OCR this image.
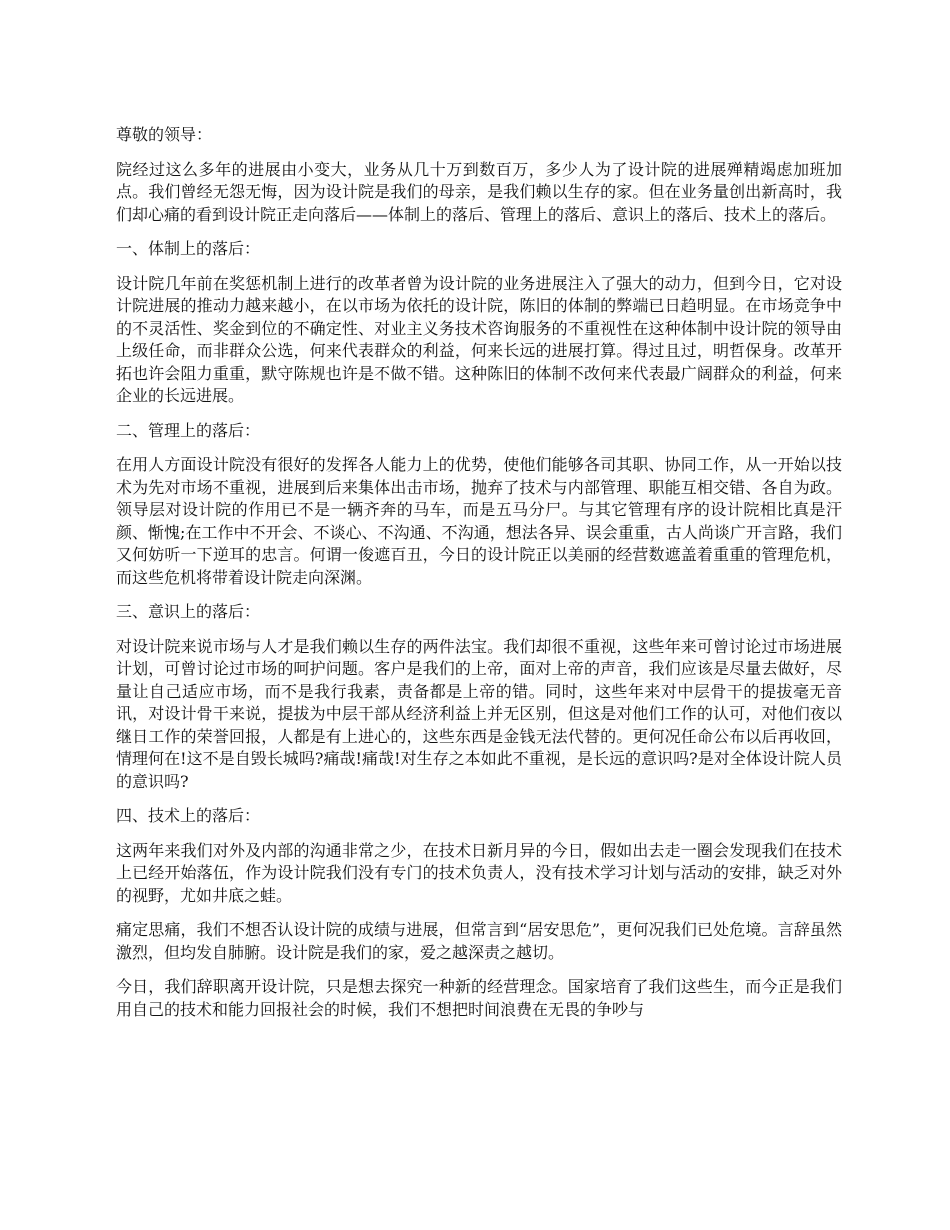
尊敬的领导：

院经过这么多年的进展由小变大，业务从几十万到数百万，多少人为了设计院的进展殚精竭虑加班加点。我们曾经无怨无悔，因为设计院是我们的母亲，是我们赖以生存的家。但在业务量创出新高时，我们却心痛的看到设计院正走向落后——体制上的落后、管理上的落后、意识上的落后、技术上的落后。

一、体制上的落后：

设计院几年前在奖惩机制上进行的改革者曾为设计院的业务进展注入了强大的动力，但到今日，它对设计院进展的推动力越来越小，在以市场为依托的设计院，陈旧的体制的弊端已日趋明显。在市场竞争中的不灵活性、奖金到位的不确定性、对业主义务技术咨询服务的不重视性在这种体制中设计院的领导由上级任命，而非群众公选，何来代表群众的利益，何来长远的进展打算。得过且过，明哲保身。改革开拓也许会阻力重重，默守陈规也许是不做不错。这种陈旧的体制不改何来代表最广阔群众的利益，何来企业的长远进展。

二、管理上的落后：

在用人方面设计院没有很好的发挥各人能力上的优势，使他们能够各司其职、协同工作，从一开始以技术为先对市场不重视，进展到后来集体出击市场，抛弃了技术与内部管理、职能互相交错、各自为政。领导层对设计院的作用已不是一辆齐奔的马车，而是五马分尸。与其它管理有序的设计院相比真是汗颜、惭愧;在工作中不开会、不谈心、不沟通、不沟通，想法各异、误会重重，古人尚谈广开言路，我们又何妨听一下逆耳的忠言。何谓一俊遮百丑，今日的设计院正以美丽的经营数遮盖着重重的管理危机，而这些危机将带着设计院走向深渊。

三、意识上的落后：

对设计院来说市场与人才是我们赖以生存的两件法宝。我们却很不重视，这些年来可曾讨论过市场进展计划，可曾讨论过市场的呵护问题。客户是我们的上帝，面对上帝的声音，我们应该是尽量去做好，尽量让自己适应市场，而不是我行我素，责备都是上帝的错。同时，这些年来对中层骨干的提拔毫无音讯，对设计骨干来说，提拔为中层干部从经济利益上并无区别，但这是对他们工作的认可，对他们夜以继日工作的荣誉回报，人都是有上进心的，这些东西是金钱无法代替的。更何况任命公布以后再收回，情理何在!这不是自毁长城吗?痛哉!痛哉!对生存之本如此不重视，是长远的意识吗?是对全体设计院人员的意识吗?

四、技术上的落后：

这两年来我们对外及内部的沟通非常之少，在技术日新月异的今日，假如出去走一圈会发现我们在技术上已经开始落伍，作为设计院我们没有专门的技术负责人，没有技术学习计划与活动的安排，缺乏对外的视野，尤如井底之蛙。

痛定思痛，我们不想否认设计院的成绩与进展，但常言到“居安思危”，更何况我们已处危境。言辞虽然激烈，但均发自肺腑。设计院是我们的家，爱之越深责之越切。

今日，我们辞职离开设计院，只是想去探究一种新的经营理念。国家培育了我们这些生，而今正是我们用自己的技术和能力回报社会的时候，我们不想把时间浪费在无畏的争吵与
